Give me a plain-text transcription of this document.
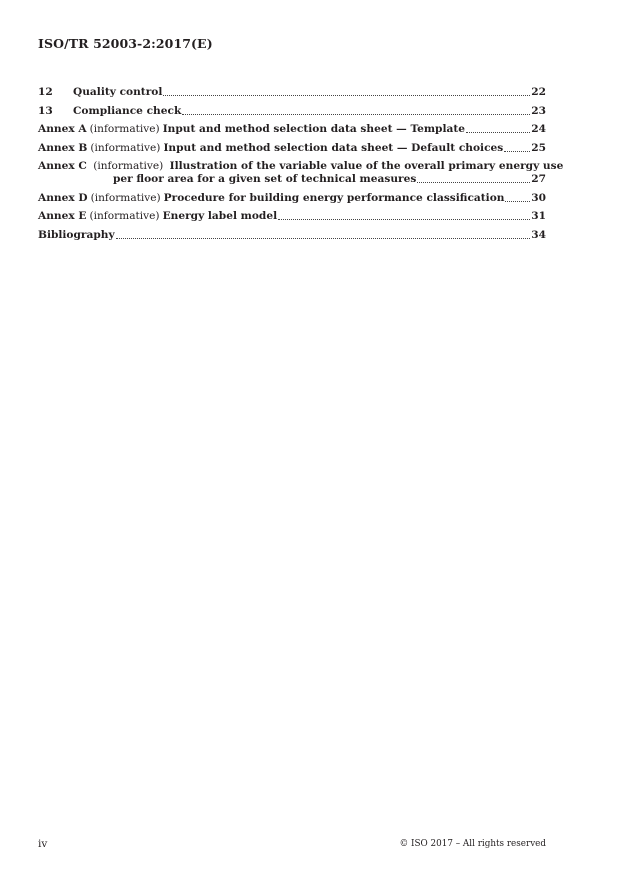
ISO/TR 52003-2:2017(E)
12	Quality control	22
13	Compliance check	23
Annex A (informative) Input and method selection data sheet — Template	24
Annex B (informative) Input and method selection data sheet — Default choices	25
Annex C (informative) Illustration of the variable value of the overall primary energy use
per floor area for a given set of technical measures	27
Annex D (informative) Procedure for building energy performance classification	30
Annex E (informative) Energy label model	31
Bibliography	34
iv	© ISO 2017 – All rights reserved
